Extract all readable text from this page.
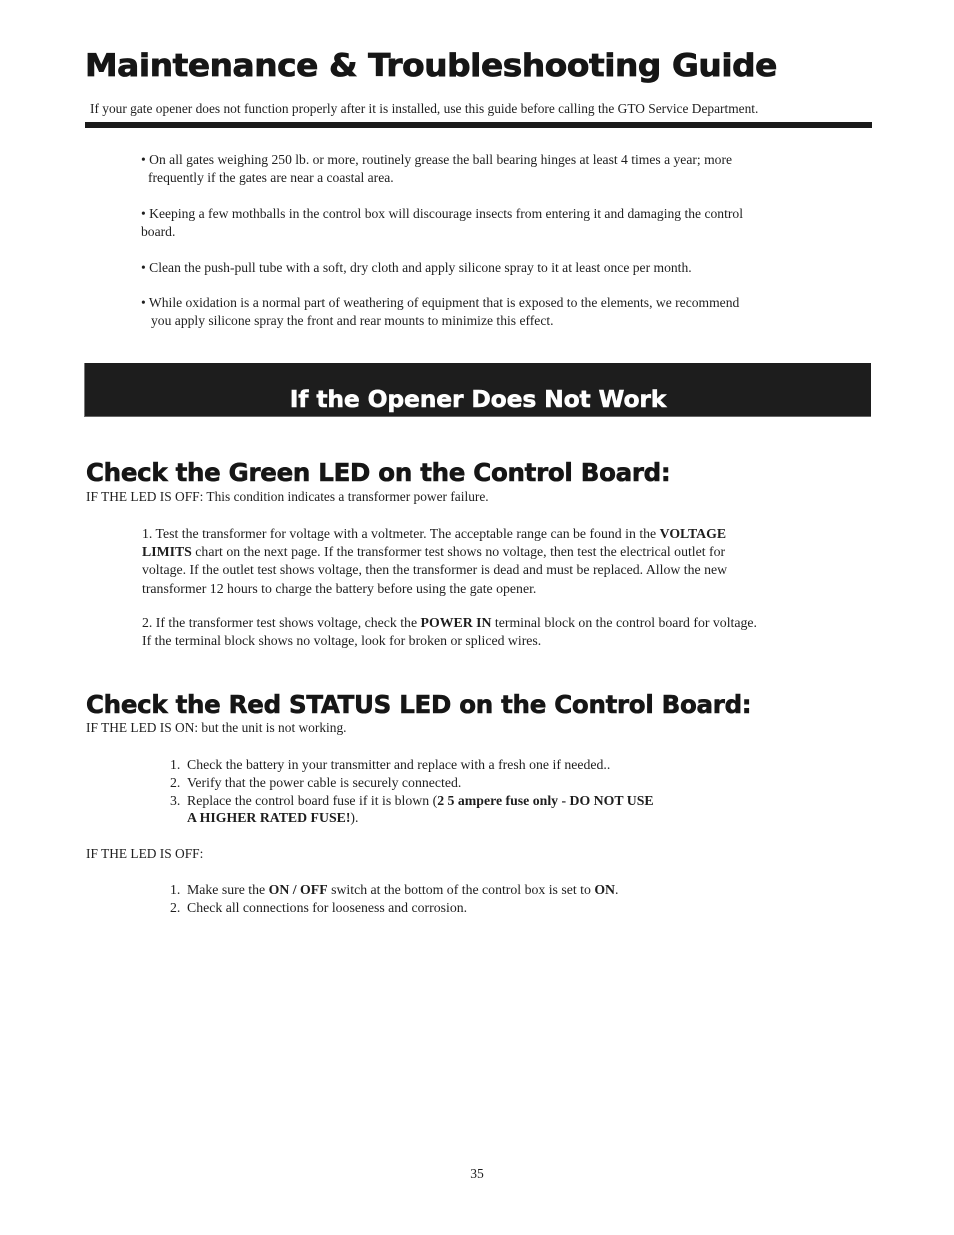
Maintenance & Troubleshooting Guide

If your gate opener does not function properly after it is installed, use this guide before calling the GTO Service Department.

• On all gates weighing 250 lb. or more, routinely grease the ball bearing hinges at least 4 times a year; more
frequently if the gates are near a coastal area.

• Keeping a few mothballs in the control box will discourage insects from entering it and damaging the control
board.

• Clean the push-pull tube with a soft, dry cloth and apply silicone spray to it at least once per month.

• While oxidation is a normal part of weathering of equipment that is exposed to the elements, we recommend
you apply silicone spray the front and rear mounts to minimize this effect.

If the Opener Does Not Work
Check the Green LED on the Control Board:

IF THE LED IS OFF: This condition indicates a transformer power failure.

1. Test the transformer for voltage with a voltmeter. The acceptable range can be found in the VOLTAGE
LIMITS chart on the next page. If the transformer test shows no voltage, then test the electrical outlet for
voltage. If the outlet test shows voltage, then the transformer is dead and must be replaced. Allow the new
transformer 12 hours to charge the battery before using the gate opener.

2. If the transformer test shows voltage, check the POWER IN terminal block on the control board for voltage.
If the terminal block shows no voltage, look for broken or spliced wires.

Check the Red STATUS LED on the Control Board:

IF THE LED IS ON: but the unit is not working.

1. Check the battery in your transmitter and replace with a fresh one if needed..
2. Verify that the power cable is securely connected.
3. Replace the control board fuse if it is blown (2 5 ampere fuse only - DO NOT USE
A HIGHER RATED FUSE!).

IF THE LED IS OFF:

1. Make sure the ON / OFF switch at the bottom of the control box is set to ON.
2. Check all connections for looseness and corrosion.

35
